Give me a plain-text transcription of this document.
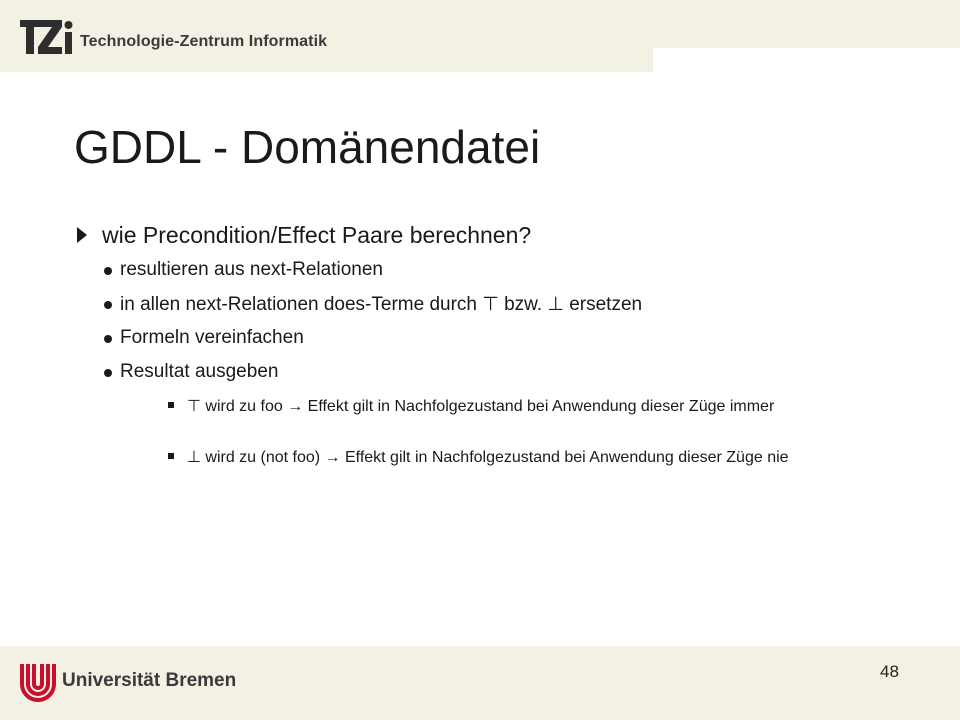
Technologie-Zentrum Informatik
GDDL - Domänendatei
wie Precondition/Effect Paare berechnen?
resultieren aus next-Relationen
in allen next-Relationen does-Terme durch ⊤ bzw. ⊥ ersetzen
Formeln vereinfachen
Resultat ausgeben
⊤ wird zu foo → Effekt gilt in Nachfolgezustand bei Anwendung dieser Züge immer
⊥ wird zu (not foo) → Effekt gilt in Nachfolgezustand bei Anwendung dieser Züge nie
Universität Bremen	48
